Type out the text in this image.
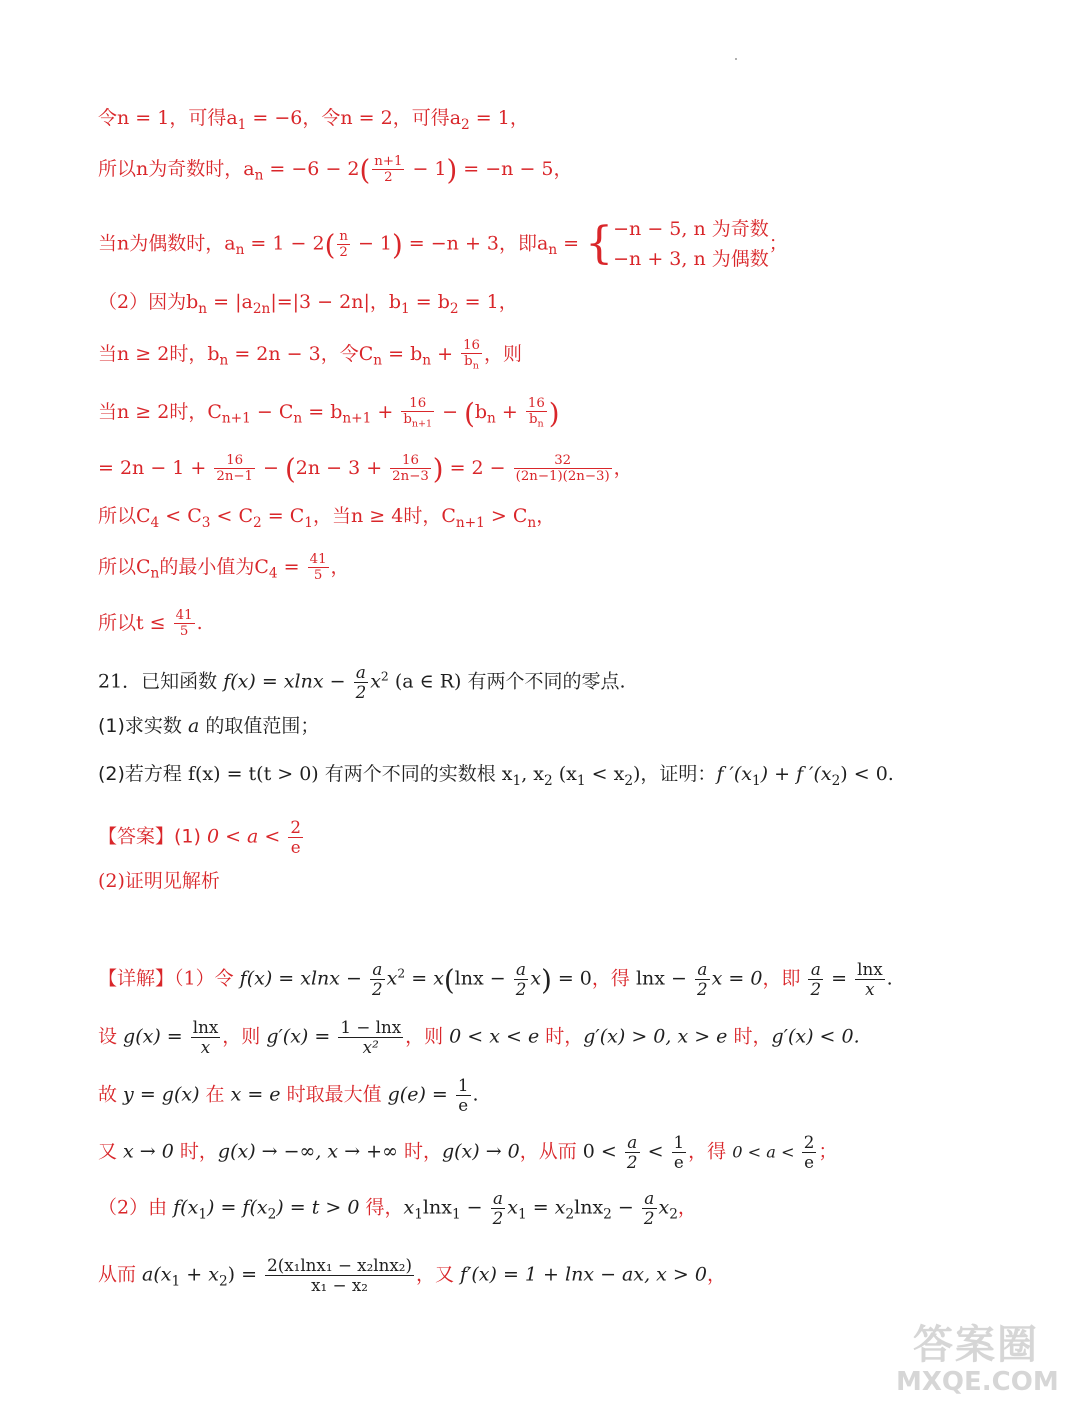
令n = 1，可得$a_1 = -6$，令n = 2，可得$a_2 = 1$，
所以n为奇数时，$a_n = -6 - 2( \frac{n+1}{2} - 1) = -n - 5$，
当n为偶数时，$a_n = 1 - 2( \frac{n}{2} - 1) = -n + 3$，即$a_n$ = { −n − 5, n 为奇数
−n + 3, n 为偶数
；
（2）因为$b_n = |a_{2n}|=|3 - 2n|$，$b_1 = b_2 = 1$，
当n ≥ 2时，$b_n = 2n - 3$，令$C_n = b_n + \frac{16}{b_n}$ ，则
当n ≥ 2时，$C_{n+1} - C_n = b_{n+1} + \frac{16}{b_{n+1}} - (b_n + \frac{16}{b_n}$ )
= $2n - 1 + \frac{16}{2n-1} - (2n - 3 + \frac{16}{2n-3}$ ) = $2 - \frac{32}{(2n-1)(2n-3)}$ ，
所以$C_4 < C_3 < C_2 = C_1$，当n ≥ 4时，$C_{n+1} > C_n$，
所以$C_n$的最小值为$C_4 = \frac{41}{5}$ ，
所以$t \le \frac{41}{5}$ .
21．已知函数 $f(x) = xlnx - \frac{a}{2} x^2$ (a ∈ R) 有两个不同的零点.
(1)求实数 a 的取值范围；
(2)若方程 f(x) = t(t > 0) 有两个不同的实数根 $x_1$, $x_2$ $(x_1 < x_2)$，证明：f $'(x_1) + f$ $'(x_2) < 0$.
【答案】(1) $0 < a < \frac{2}{e}$
(2)证明见解析
【详解】（1）令 $f(x) = xlnx - \frac{a}{2} x^2 = x(\ln x - \frac{a}{2} x) = 0$，得 $\ln x - \frac{a}{2}$ x = 0，即 $\frac{a}{2} = \frac{\ln x}{x}$ .
设 $g(x) = \frac{\ln x}{x}$ ，则 $g'(x) = \frac{1 - \ln x}{\text{x²}}$ ，则 0 < x < e 时，g′(x) > 0, x > e 时，g′(x) < 0.
故 y = g(x) 在 x = e 时取最大值 $g(e) = \frac{1}{e}$ .
又 x → 0 时，g(x) → −∞, x → +∞ 时，g(x) → 0，从而 $0 < \frac{a}{2} < \frac{1}{e}$ ，得 $0 < a < \frac{2}{e}$ ；
（2）由 $f(x_1) = f(x_2) = t > 0$ 得，$x_1\ln x_1 - \frac{a}{2} x_1 = x_2\ln x_2 - \frac{a}{2} x_2$，
从而 $a(x_1 + x_2) = \frac{\text{2(x₁lnx₁ − x₂lnx₂)}}{\text{x₁ − x₂}}$ ，又 f′(x) = 1 + lnx − ax, x > 0，
答案圈
MXQE.COM
